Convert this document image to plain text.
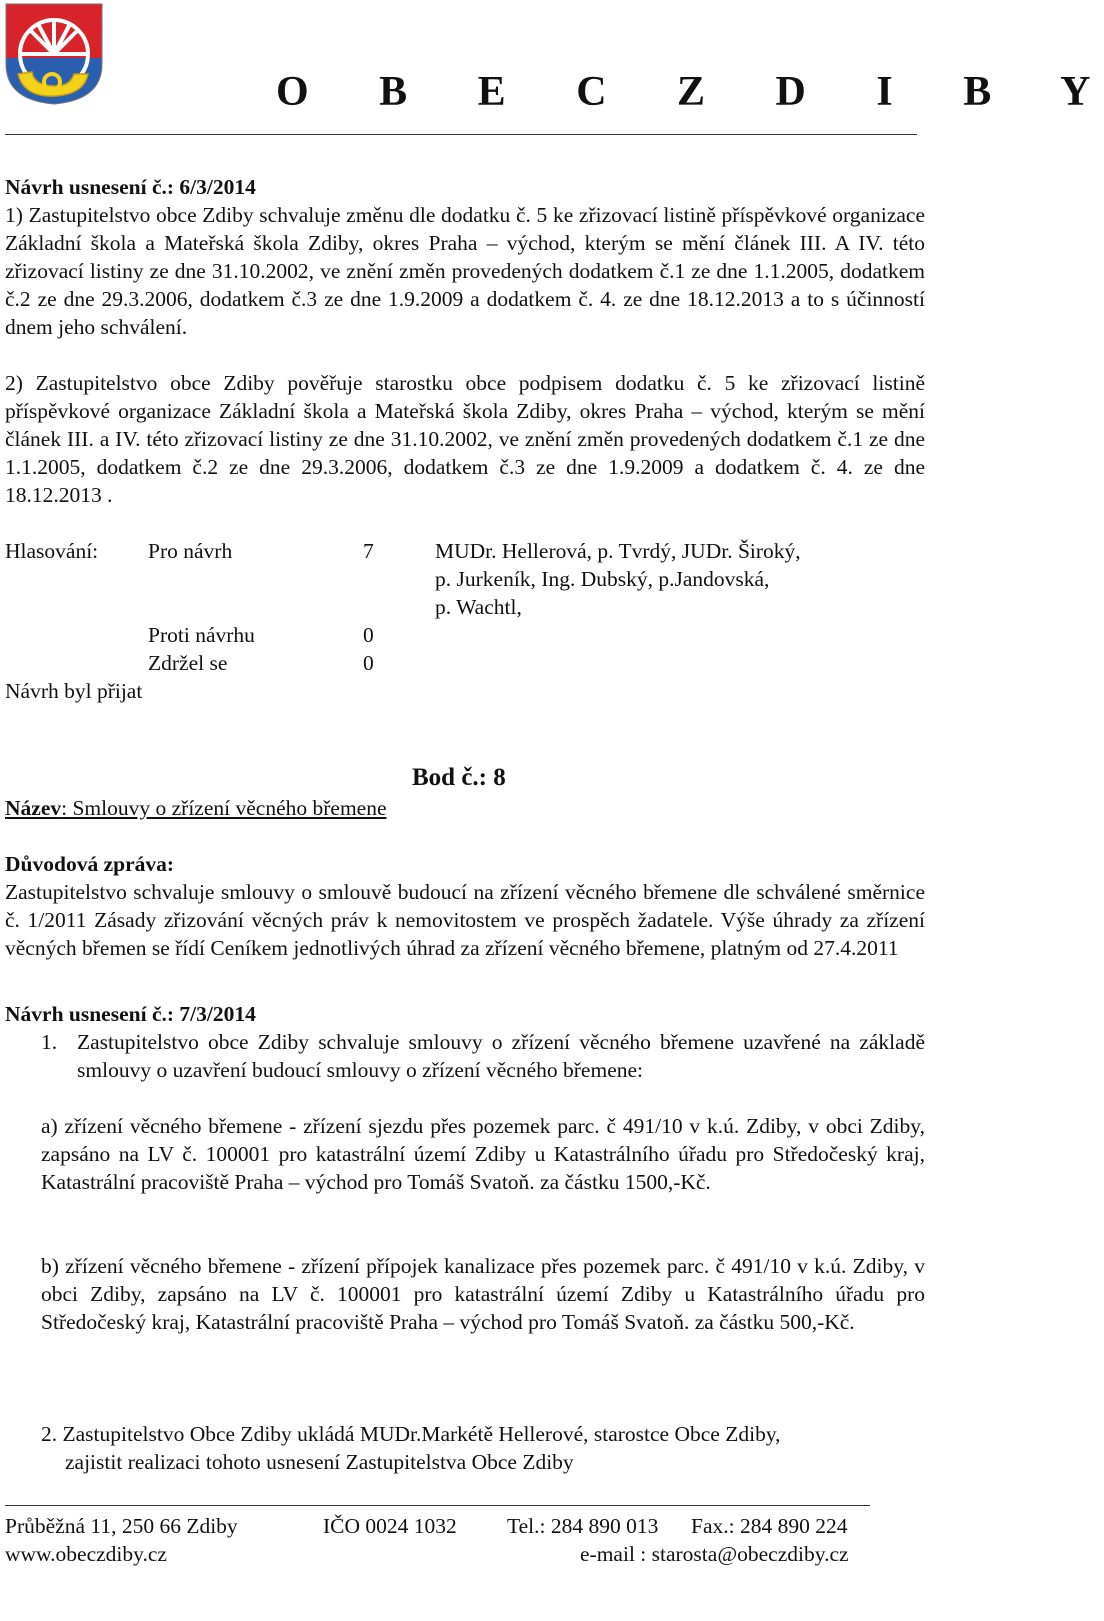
O B E C Z D I B Y
Návrh usnesení č.: 6/3/2014

1) Zastupitelstvo obce Zdiby schvaluje změnu dle dodatku č. 5 ke zřizovací listině příspěvkové organizace Základní škola a Mateřská škola Zdiby, okres Praha – východ, kterým se mění článek III. A IV. této zřizovací listiny ze dne 31.10.2002, ve znění změn provedených dodatkem č.1 ze dne 1.1.2005, dodatkem č.2 ze dne 29.3.2006, dodatkem č.3 ze dne 1.9.2009 a dodatkem č. 4. ze dne 18.12.2013 a to s účinností dnem jeho schválení.

2) Zastupitelstvo obce Zdiby pověřuje starostku obce podpisem dodatku č. 5 ke zřizovací listině příspěvkové organizace Základní škola a Mateřská škola Zdiby, okres Praha – východ, kterým se mění článek III. a IV. této zřizovací listiny ze dne 31.10.2002, ve znění změn provedených dodatkem č.1 ze dne 1.1.2005, dodatkem č.2 ze dne 29.3.2006, dodatkem č.3 ze dne 1.9.2009 a dodatkem č. 4. ze dne 18.12.2013 .

Hlasování: Pro návrh	7	MUDr. Hellerová, p. Tvrdý, JUDr. Široký,
p. Jurkeník, Ing. Dubský, p.Jandovská,
p. Wachtl,
Proti návrhu	0
Zdržel se	0
Návrh byl přijat
Bod č.: 8
Název: Smlouvy o zřízení věcného břemene
Důvodová zpráva:

Zastupitelstvo schvaluje smlouvy o smlouvě budoucí na zřízení věcného břemene dle schválené směrnice č. 1/2011 Zásady zřizování věcných práv k nemovitostem ve prospěch žadatele. Výše úhrady za zřízení věcných břemen se řídí Ceníkem jednotlivých úhrad za zřízení věcného břemene, platným od 27.4.2011

Návrh usnesení č.: 7/3/2014
1. Zastupitelstvo obce Zdiby schvaluje smlouvy o zřízení věcného břemene uzavřené na základě smlouvy o uzavření budoucí smlouvy o zřízení věcného břemene:

a) zřízení věcného břemene - zřízení sjezdu přes pozemek parc. č 491/10 v k.ú. Zdiby, v obci Zdiby, zapsáno na LV č. 100001 pro katastrální území Zdiby u Katastrálního úřadu pro Středočeský kraj, Katastrální pracoviště Praha – východ pro Tomáš Svatoň. za částku 1500,-Kč.

b) zřízení věcného břemene - zřízení přípojek kanalizace přes pozemek parc. č 491/10 v k.ú. Zdiby, v obci Zdiby, zapsáno na LV č. 100001 pro katastrální území Zdiby u Katastrálního úřadu pro Středočeský kraj, Katastrální pracoviště Praha – východ pro Tomáš Svatoň. za částku 500,-Kč.

2. Zastupitelstvo Obce Zdiby ukládá MUDr.Markétě Hellerové, starostce Obce Zdiby,
zajistit realizaci tohoto usnesení Zastupitelstva Obce Zdiby
Průběžná 11, 250 66 Zdiby	IČO 0024 1032 Tel.: 284 890 013 Fax.: 284 890 224
www.obeczdiby.cz	e-mail : starosta@obeczdiby.cz
